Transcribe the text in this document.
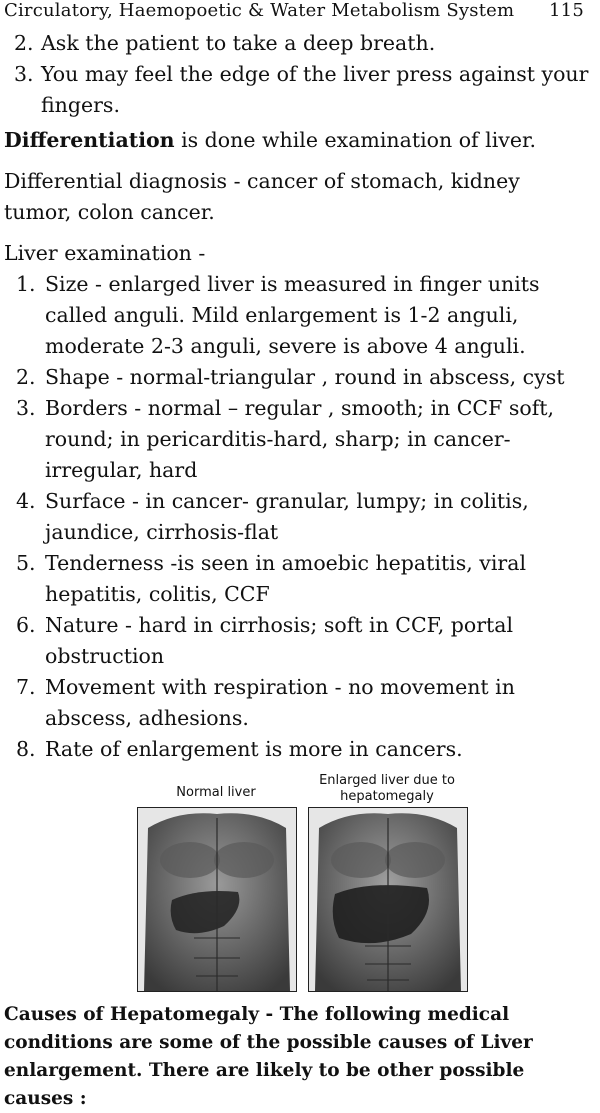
Circulatory, Haemopoetic & Water Metabolism System 115
2. Ask the patient to take a deep breath.
3. You may feel the edge of the liver press against your fingers.

Differentiation is done while examination of liver.

Differential diagnosis - cancer of stomach, kidney tumor, colon cancer.

Liver examination -

1. Size - enlarged liver is measured in finger units called anguli. Mild enlargement is 1-2 anguli, moderate 2-3 anguli, severe is above 4 anguli.
2. Shape - normal-triangular , round in abscess, cyst
3. Borders - normal – regular , smooth; in CCF soft, round; in pericarditis-hard, sharp; in cancer- irregular, hard
4. Surface - in cancer- granular, lumpy; in colitis, jaundice, cirrhosis-flat
5. Tenderness -is seen in amoebic hepatitis, viral hepatitis, colitis, CCF
6. Nature - hard in cirrhosis; soft in CCF, portal obstruction
7. Movement with respiration - no movement in abscess, adhesions.
8. Rate of enlargement is more in cancers.
Normal liver
Enlarged liver due to hepatomegaly

Causes of Hepatomegaly - The following medical conditions are some of the possible causes of Liver enlargement. There are likely to be other possible causes :
